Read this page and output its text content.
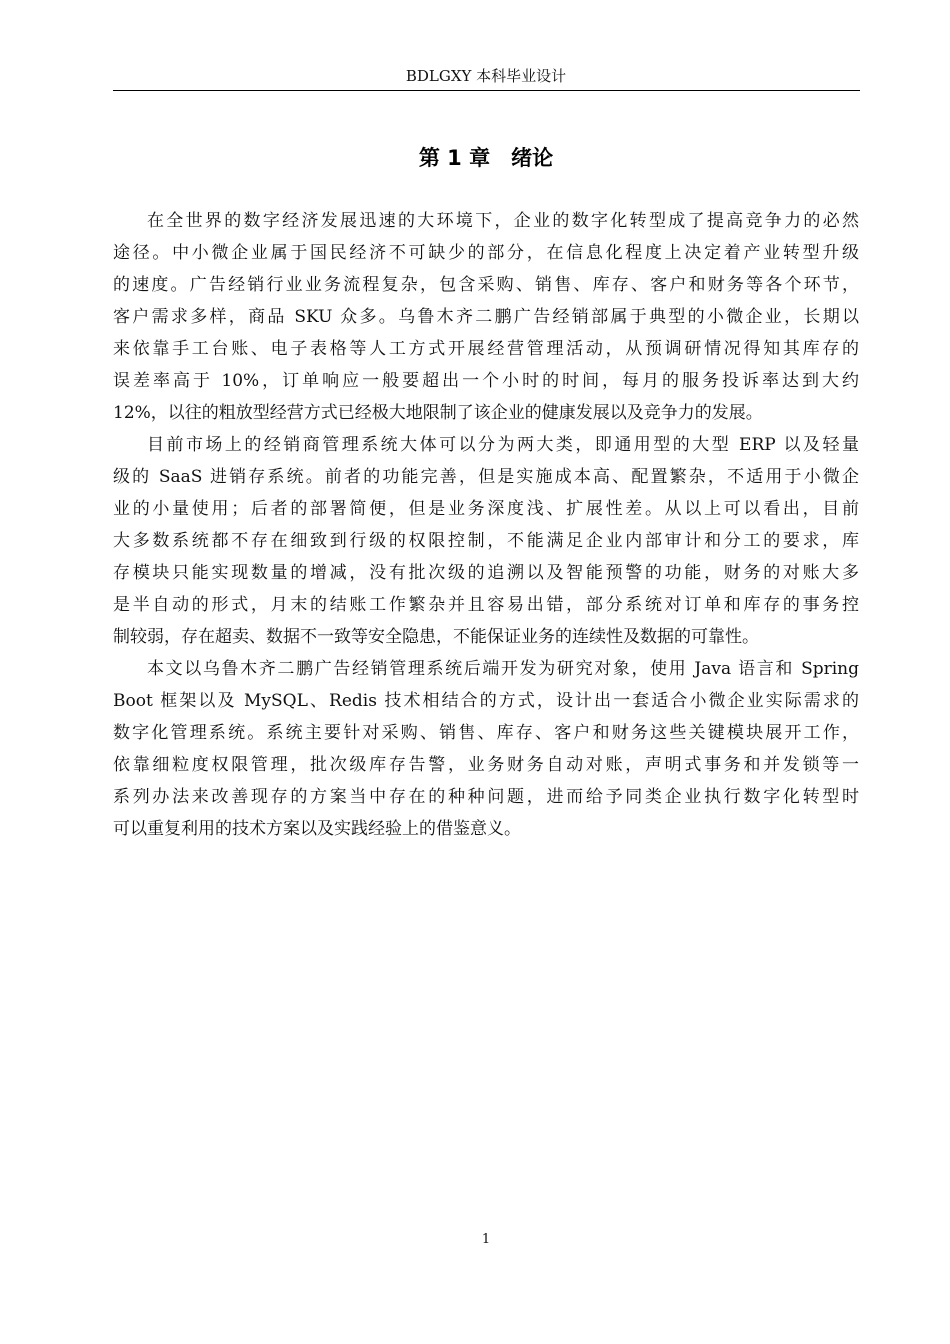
BDLGXY 本科毕业设计
第 1 章　绪论
在全世界的数字经济发展迅速的大环境下，企业的数字化转型成了提高竞争力的必然
途径。中小微企业属于国民经济不可缺少的部分，在信息化程度上决定着产业转型升级
的速度。广告经销行业业务流程复杂，包含采购、销售、库存、客户和财务等各个环节，
客户需求多样，商品 SKU 众多。乌鲁木齐二鹏广告经销部属于典型的小微企业，长期以
来依靠手工台账、电子表格等人工方式开展经营管理活动，从预调研情况得知其库存的
误差率高于 10%，订单响应一般要超出一个小时的时间，每月的服务投诉率达到大约
12%，以往的粗放型经营方式已经极大地限制了该企业的健康发展以及竞争力的发展。
目前市场上的经销商管理系统大体可以分为两大类，即通用型的大型 ERP 以及轻量
级的 SaaS 进销存系统。前者的功能完善，但是实施成本高、配置繁杂，不适用于小微企
业的小量使用；后者的部署简便，但是业务深度浅、扩展性差。从以上可以看出，目前
大多数系统都不存在细致到行级的权限控制，不能满足企业内部审计和分工的要求，库
存模块只能实现数量的增减，没有批次级的追溯以及智能预警的功能，财务的对账大多
是半自动的形式，月末的结账工作繁杂并且容易出错，部分系统对订单和库存的事务控
制较弱，存在超卖、数据不一致等安全隐患，不能保证业务的连续性及数据的可靠性。
本文以乌鲁木齐二鹏广告经销管理系统后端开发为研究对象，使用 Java 语言和 Spring
Boot 框架以及 MySQL、Redis 技术相结合的方式，设计出一套适合小微企业实际需求的
数字化管理系统。系统主要针对采购、销售、库存、客户和财务这些关键模块展开工作，
依靠细粒度权限管理，批次级库存告警，业务财务自动对账，声明式事务和并发锁等一
系列办法来改善现存的方案当中存在的种种问题，进而给予同类企业执行数字化转型时
可以重复利用的技术方案以及实践经验上的借鉴意义。
1
